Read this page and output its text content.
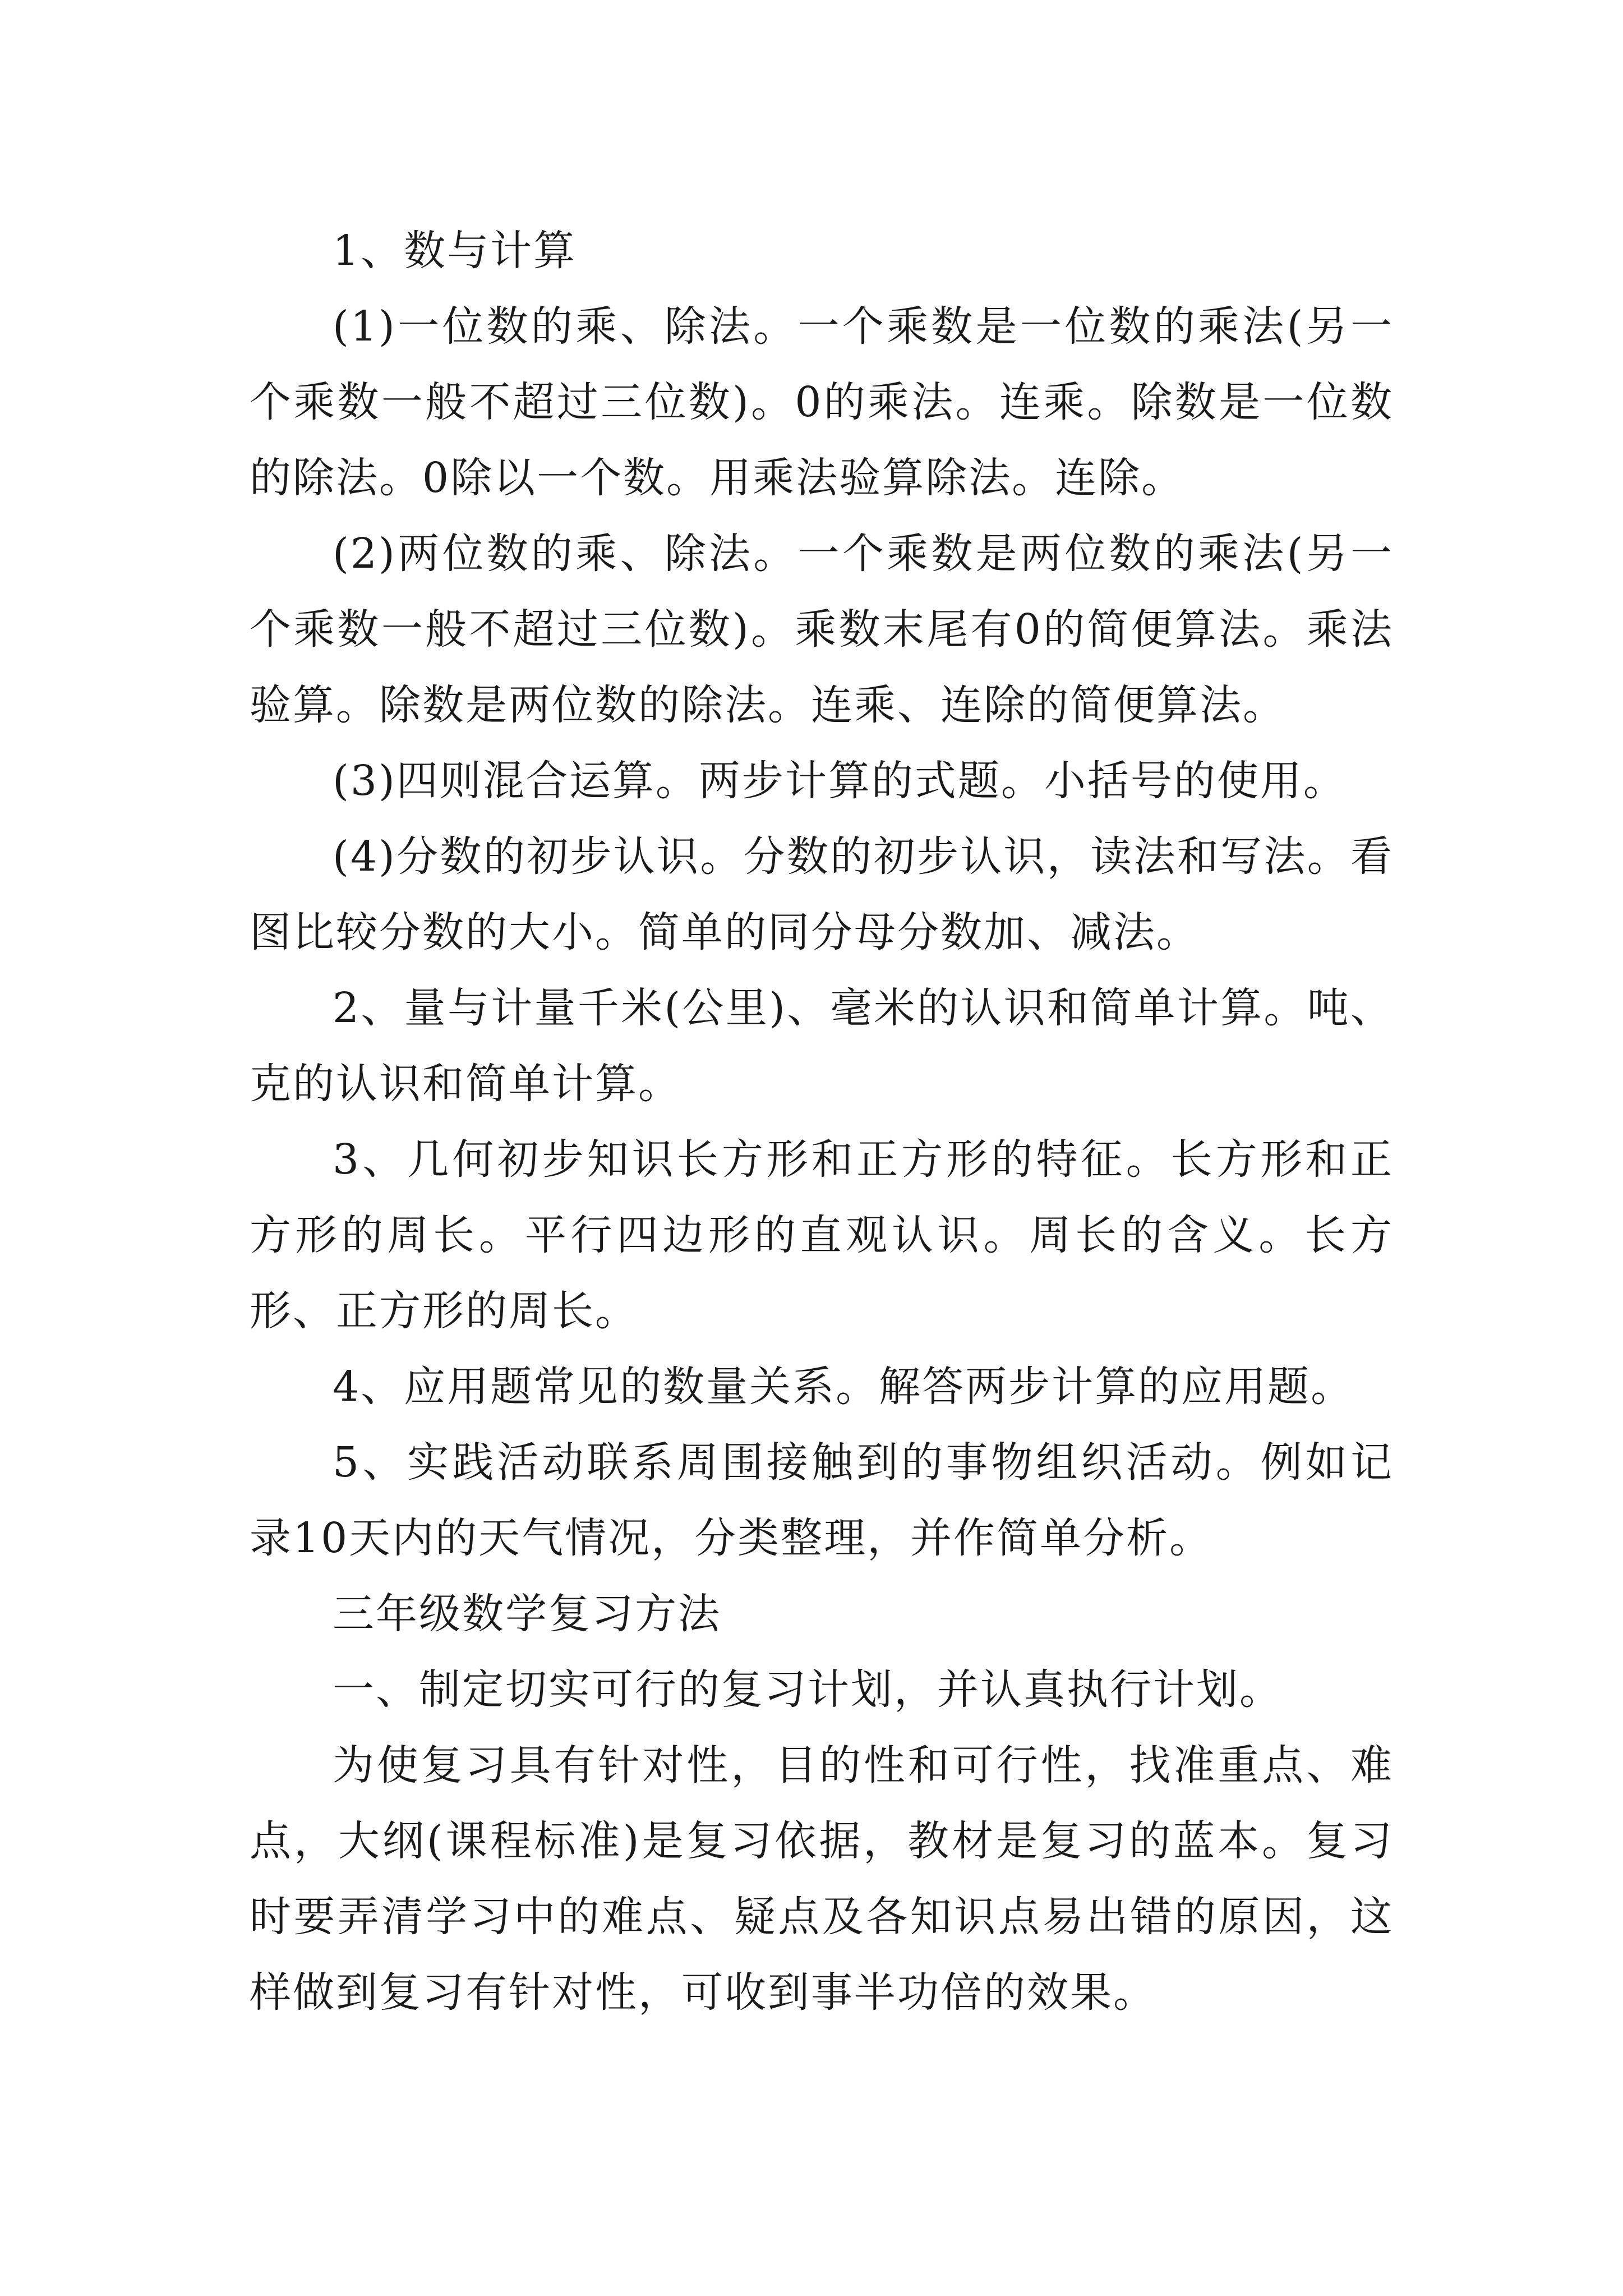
1、数与计算

(1)一位数的乘、除法。一个乘数是一位数的乘法(另一个乘数一般不超过三位数)。0的乘法。连乘。除数是一位数的除法。0除以一个数。用乘法验算除法。连除。

(2)两位数的乘、除法。一个乘数是两位数的乘法(另一个乘数一般不超过三位数)。乘数末尾有0的简便算法。乘法验算。除数是两位数的除法。连乘、连除的简便算法。

(3)四则混合运算。两步计算的式题。小括号的使用。

(4)分数的初步认识。分数的初步认识，读法和写法。看图比较分数的大小。简单的同分母分数加、减法。

2、量与计量千米(公里)、毫米的认识和简单计算。吨、克的认识和简单计算。

3、几何初步知识长方形和正方形的特征。长方形和正方形的周长。平行四边形的直观认识。周长的含义。长方形、正方形的周长。

4、应用题常见的数量关系。解答两步计算的应用题。

5、实践活动联系周围接触到的事物组织活动。例如记录10天内的天气情况，分类整理，并作简单分析。

三年级数学复习方法

一、制定切实可行的复习计划，并认真执行计划。

为使复习具有针对性，目的性和可行性，找准重点、难点，大纲(课程标准)是复习依据，教材是复习的蓝本。复习时要弄清学习中的难点、疑点及各知识点易出错的原因，这样做到复习有针对性，可收到事半功倍的效果。
